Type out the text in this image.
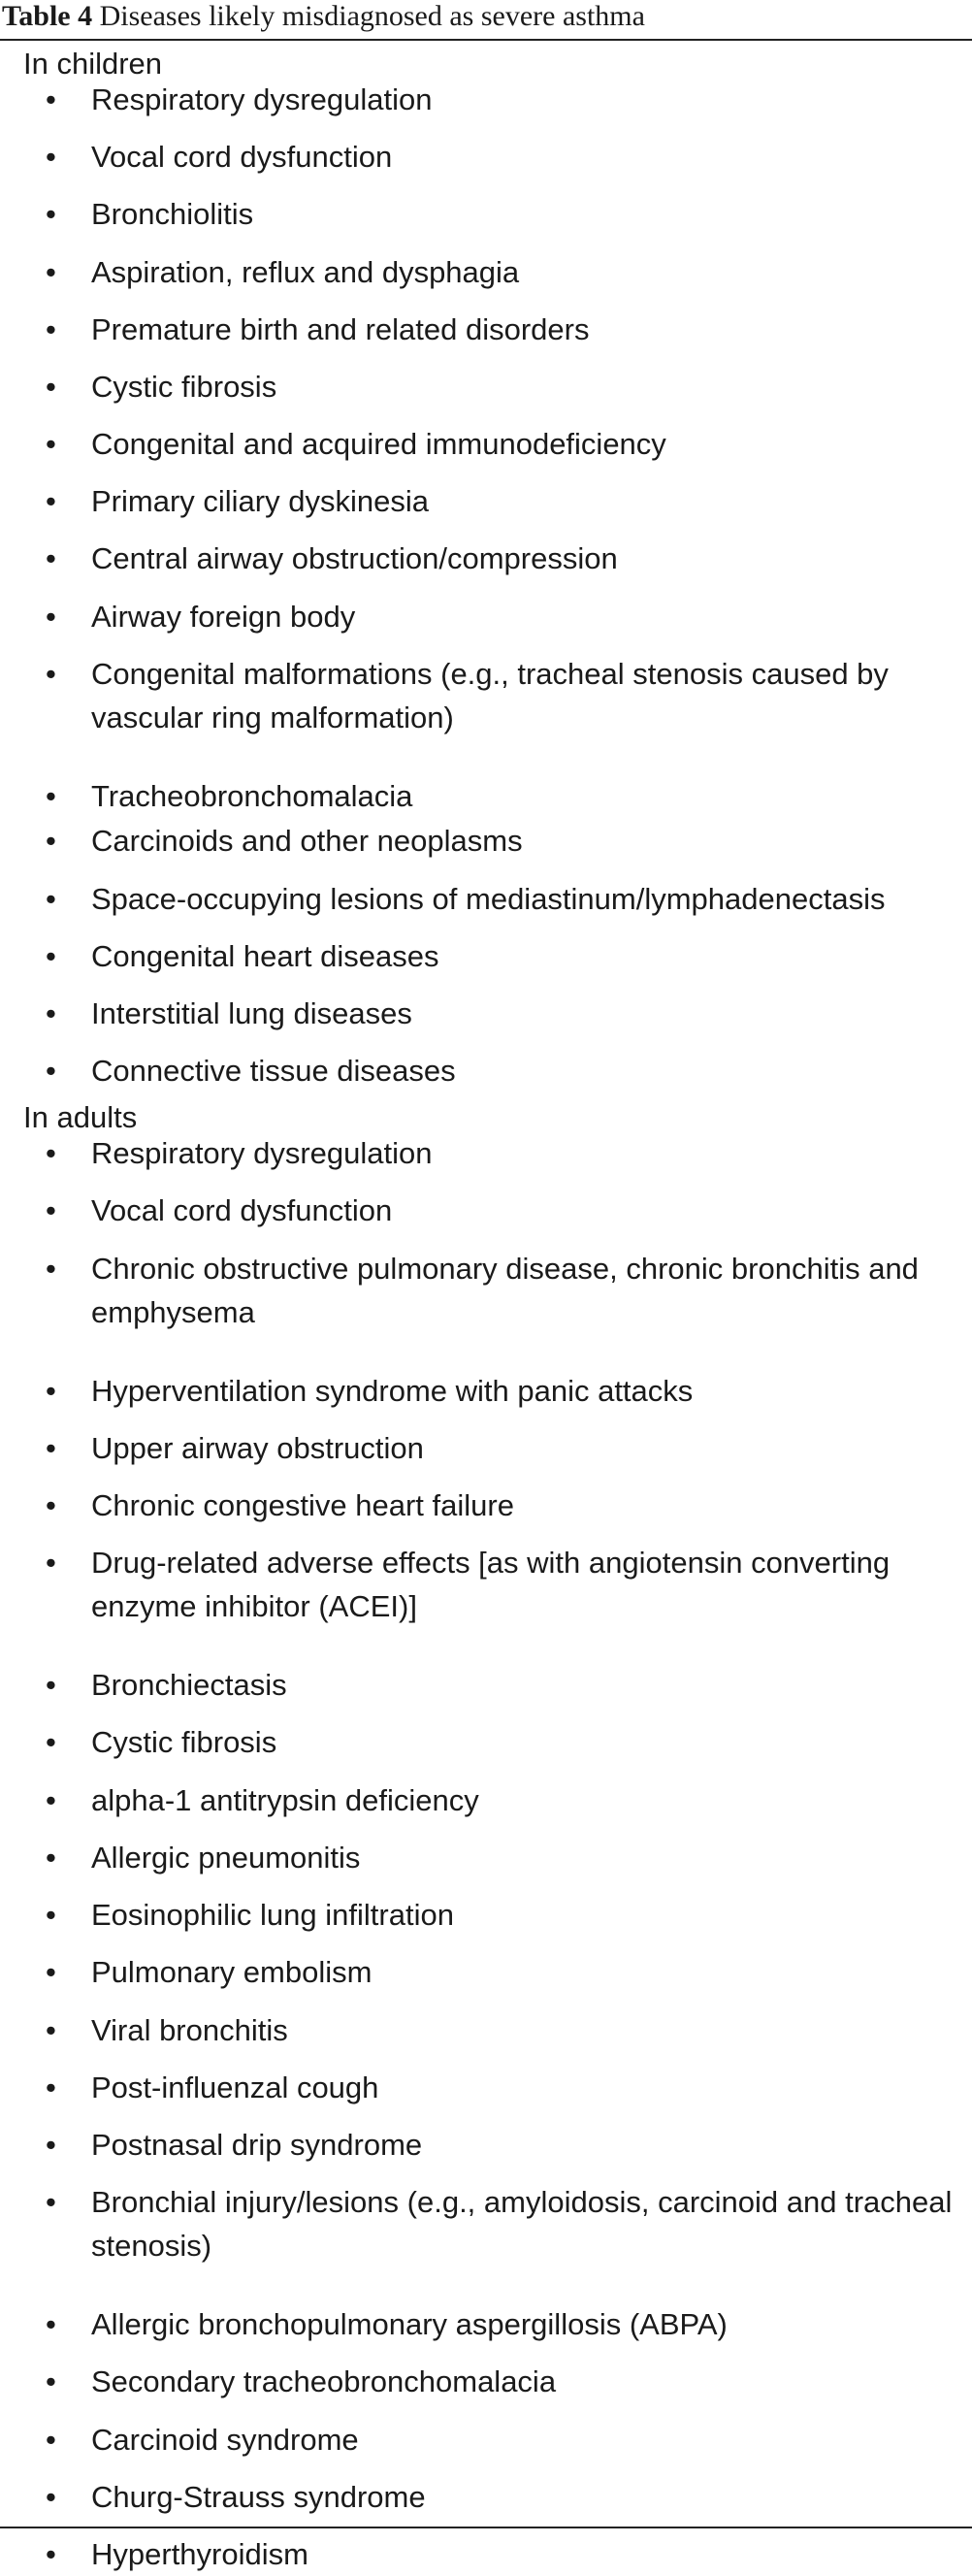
Table 4 Diseases likely misdiagnosed as severe asthma
In children
• Respiratory dysregulation
• Vocal cord dysfunction
• Bronchiolitis
• Aspiration, reflux and dysphagia
• Premature birth and related disorders
• Cystic fibrosis
• Congenital and acquired immunodeficiency
• Primary ciliary dyskinesia
• Central airway obstruction/compression
• Airway foreign body
• Congenital malformations (e.g., tracheal stenosis caused by vascular ring malformation)
• Tracheobronchomalacia
• Carcinoids and other neoplasms
• Space-occupying lesions of mediastinum/lymphadenectasis
• Congenital heart diseases
• Interstitial lung diseases
• Connective tissue diseases
In adults
• Respiratory dysregulation
• Vocal cord dysfunction
• Chronic obstructive pulmonary disease, chronic bronchitis and emphysema
• Hyperventilation syndrome with panic attacks
• Upper airway obstruction
• Chronic congestive heart failure
• Drug-related adverse effects [as with angiotensin converting enzyme inhibitor (ACEI)]
• Bronchiectasis
• Cystic fibrosis
• alpha-1 antitrypsin deficiency
• Allergic pneumonitis
• Eosinophilic lung infiltration
• Pulmonary embolism
• Viral bronchitis
• Post-influenzal cough
• Postnasal drip syndrome
• Bronchial injury/lesions (e.g., amyloidosis, carcinoid and tracheal stenosis)
• Allergic bronchopulmonary aspergillosis (ABPA)
• Secondary tracheobronchomalacia
• Carcinoid syndrome
• Churg-Strauss syndrome
• Hyperthyroidism
